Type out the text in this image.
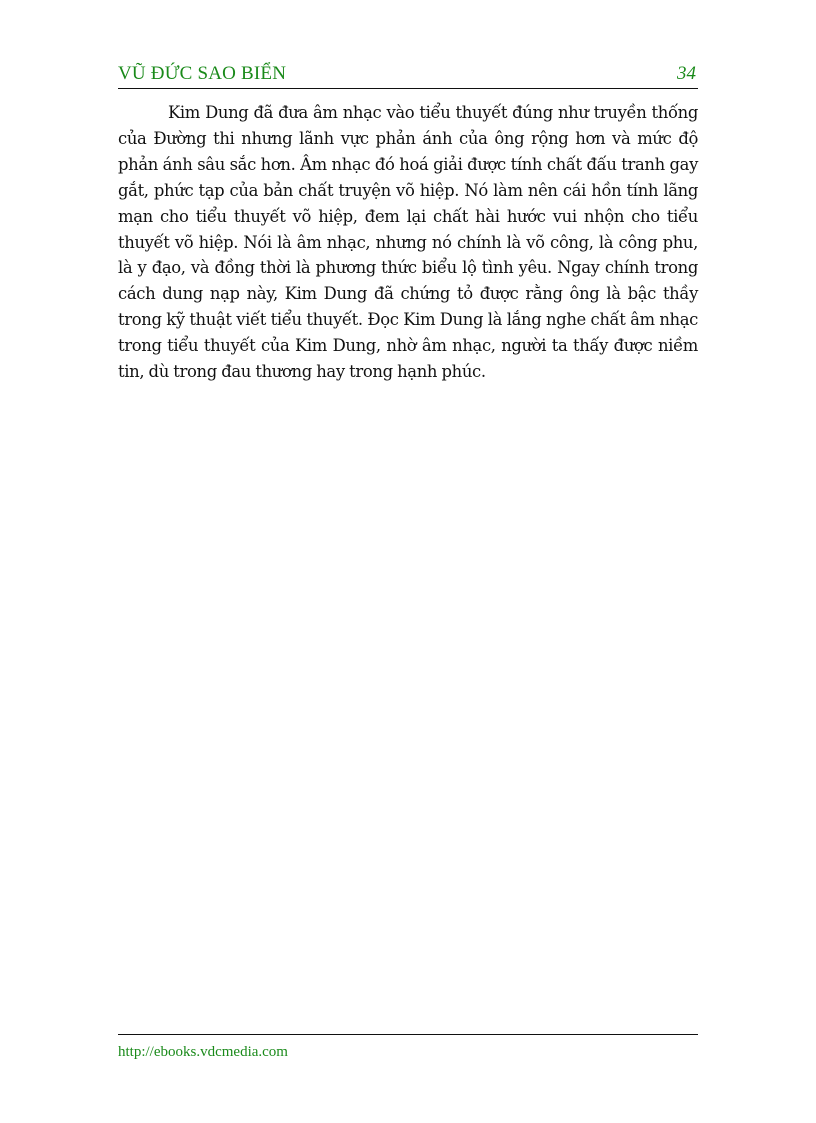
VŨ ĐỨC SAO BIỂN	34

Kim Dung đã đưa âm nhạc vào tiểu thuyết đúng như truyền thống của Đường thi nhưng lãnh vực phản ánh của ông rộng hơn và mức độ phản ánh sâu sắc hơn. Âm nhạc đó hoá giải được tính chất đấu tranh gay gắt, phức tạp của bản chất truyện võ hiệp. Nó làm nên cái hồn tính lãng mạn cho tiểu thuyết võ hiệp, đem lại chất hài hước vui nhộn cho tiểu thuyết võ hiệp. Nói là âm nhạc, nhưng nó chính là võ công, là công phu, là y đạo, và đồng thời là phương thức biểu lộ tình yêu. Ngay chính trong cách dung nạp này, Kim Dung đã chứng tỏ được rằng ông là bậc thầy trong kỹ thuật viết tiểu thuyết. Đọc Kim Dung là lắng nghe chất âm nhạc trong tiểu thuyết của Kim Dung, nhờ âm nhạc, người ta thấy được niềm tin, dù trong đau thương hay trong hạnh phúc.

http://ebooks.vdcmedia.com
